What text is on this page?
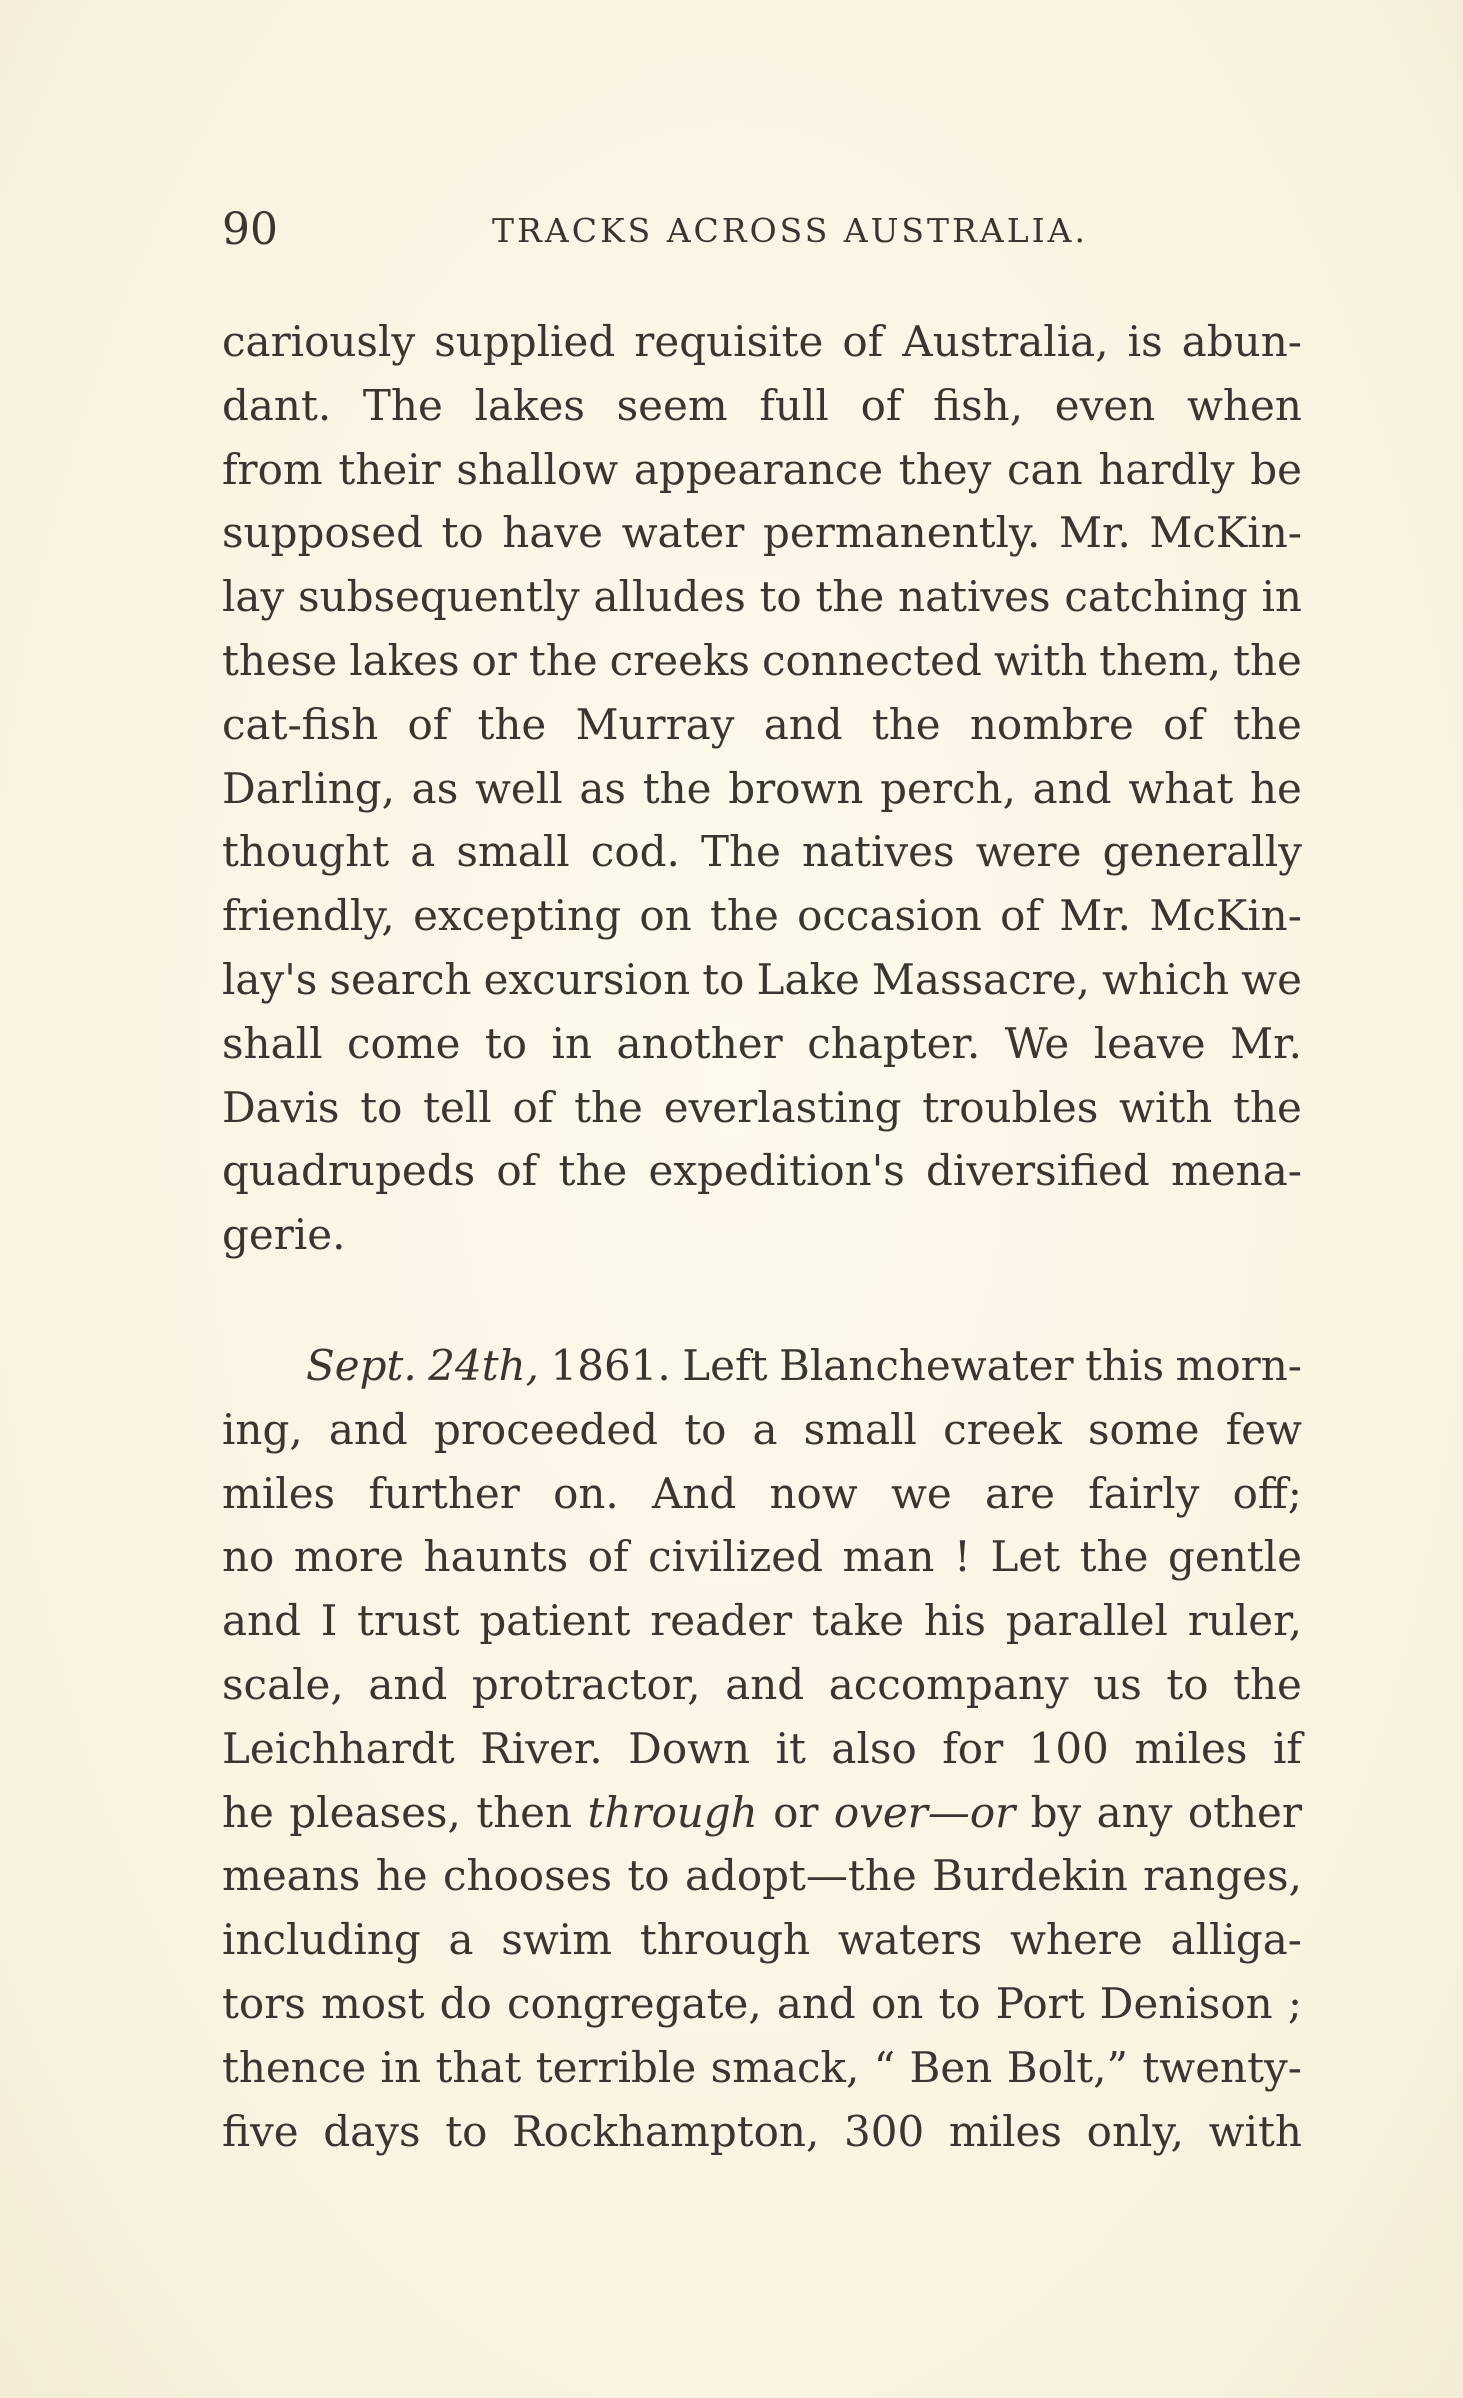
90	TRACKS ACROSS AUSTRALIA.
cariously supplied requisite of Australia, is abun-
dant. The lakes seem full of fish, even when
from their shallow appearance they can hardly be
supposed to have water permanently. Mr. McKin-
lay subsequently alludes to the natives catching in
these lakes or the creeks connected with them, the
cat-fish of the Murray and the nombre of the
Darling, as well as the brown perch, and what he
thought a small cod. The natives were generally
friendly, excepting on the occasion of Mr. McKin-
lay's search excursion to Lake Massacre, which we
shall come to in another chapter. We leave Mr.
Davis to tell of the everlasting troubles with the
quadrupeds of the expedition's diversified mena-
gerie.
Sept. 24th, 1861. Left Blanchewater this morn-
ing, and proceeded to a small creek some few
miles further on. And now we are fairly off;
no more haunts of civilized man ! Let the gentle
and I trust patient reader take his parallel ruler,
scale, and protractor, and accompany us to the
Leichhardt River. Down it also for 100 miles if
he pleases, then through or over—or by any other
means he chooses to adopt—the Burdekin ranges,
including a swim through waters where alliga-
tors most do congregate, and on to Port Denison ;
thence in that terrible smack, “ Ben Bolt,” twenty-
five days to Rockhampton, 300 miles only, with
